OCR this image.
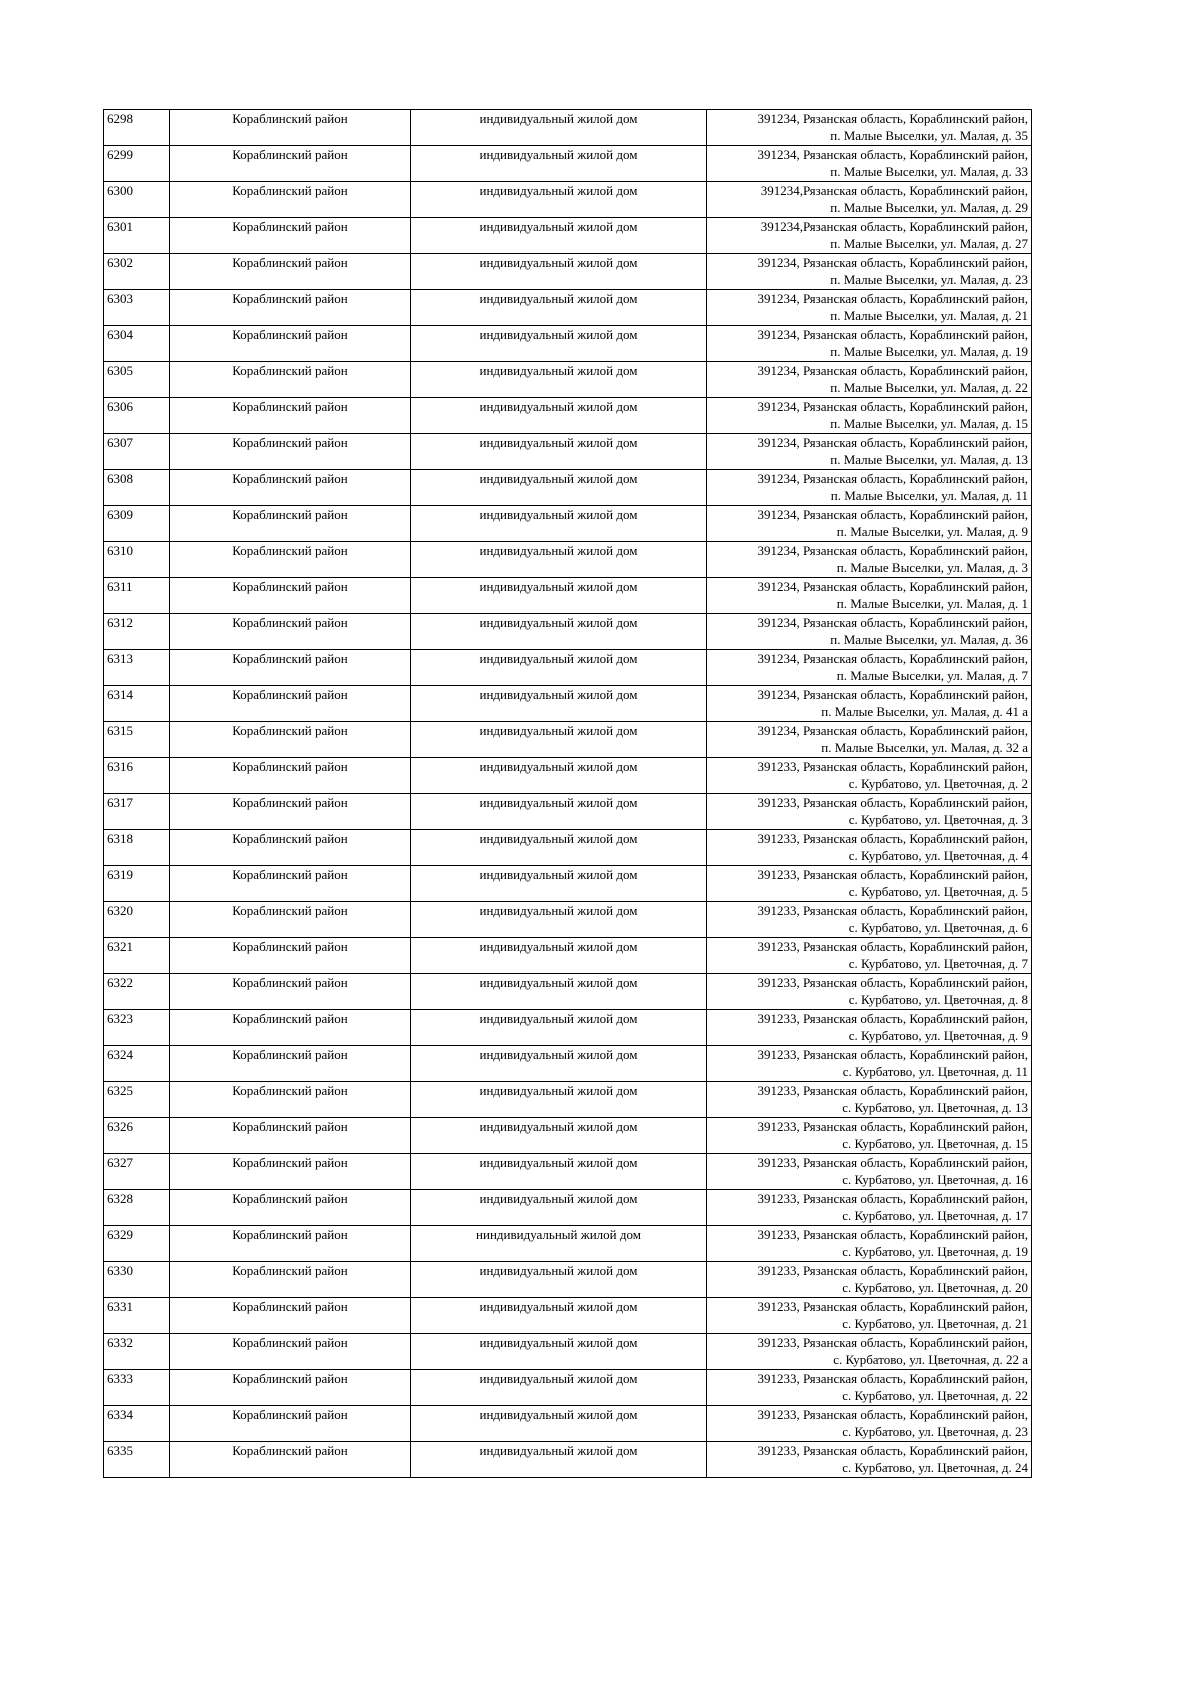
6298	Кораблинский район	индивидуальный жилой дом	391234, Рязанская область, Кораблинский район,
п. Малые Выселки, ул. Малая, д. 35

6299	Кораблинский район	индивидуальный жилой дом	391234, Рязанская область, Кораблинский район,
п. Малые Выселки, ул. Малая, д. 33

6300	Кораблинский район	индивидуальный жилой дом	391234,Рязанская область, Кораблинский район,
п. Малые Выселки, ул. Малая, д. 29

6301	Кораблинский район	индивидуальный жилой дом	391234,Рязанская область, Кораблинский район,
п. Малые Выселки, ул. Малая, д. 27

6302	Кораблинский район	индивидуальный жилой дом	391234, Рязанская область, Кораблинский район,
п. Малые Выселки, ул. Малая, д. 23

6303	Кораблинский район	индивидуальный жилой дом	391234, Рязанская область, Кораблинский район,
п. Малые Выселки, ул. Малая, д. 21

6304	Кораблинский район	индивидуальный жилой дом	391234, Рязанская область, Кораблинский район,
п. Малые Выселки, ул. Малая, д. 19

6305	Кораблинский район	индивидуальный жилой дом	391234, Рязанская область, Кораблинский район,
п. Малые Выселки, ул. Малая, д. 22

6306	Кораблинский район	индивидуальный жилой дом	391234, Рязанская область, Кораблинский район,
п. Малые Выселки, ул. Малая, д. 15

6307	Кораблинский район	индивидуальный жилой дом	391234, Рязанская область, Кораблинский район,
п. Малые Выселки, ул. Малая, д. 13

6308	Кораблинский район	индивидуальный жилой дом	391234, Рязанская область, Кораблинский район,
п. Малые Выселки, ул. Малая, д. 11

6309	Кораблинский район	индивидуальный жилой дом	391234, Рязанская область, Кораблинский район,
п. Малые Выселки, ул. Малая, д. 9

6310	Кораблинский район	индивидуальный жилой дом	391234, Рязанская область, Кораблинский район,
п. Малые Выселки, ул. Малая, д. 3

6311	Кораблинский район	индивидуальный жилой дом	391234, Рязанская область, Кораблинский район,
п. Малые Выселки, ул. Малая, д. 1

6312	Кораблинский район	индивидуальный жилой дом	391234, Рязанская область, Кораблинский район,
п. Малые Выселки, ул. Малая, д. 36

6313	Кораблинский район	индивидуальный жилой дом	391234, Рязанская область, Кораблинский район,
п. Малые Выселки, ул. Малая, д. 7

6314	Кораблинский район	индивидуальный жилой дом	391234, Рязанская область, Кораблинский район,
п. Малые Выселки, ул. Малая, д. 41 а

6315	Кораблинский район	индивидуальный жилой дом	391234, Рязанская область, Кораблинский район,
п. Малые Выселки, ул. Малая, д. 32 а

6316	Кораблинский район	индивидуальный жилой дом	391233, Рязанская область, Кораблинский район,
с. Курбатово, ул. Цветочная, д. 2

6317	Кораблинский район	индивидуальный жилой дом	391233, Рязанская область, Кораблинский район,
с. Курбатово, ул. Цветочная, д. 3

6318	Кораблинский район	индивидуальный жилой дом	391233, Рязанская область, Кораблинский район,
с. Курбатово, ул. Цветочная, д. 4

6319	Кораблинский район	индивидуальный жилой дом	391233, Рязанская область, Кораблинский район,
с. Курбатово, ул. Цветочная, д. 5

6320	Кораблинский район	индивидуальный жилой дом	391233, Рязанская область, Кораблинский район,
с. Курбатово, ул. Цветочная, д. 6

6321	Кораблинский район	индивидуальный жилой дом	391233, Рязанская область, Кораблинский район,
с. Курбатово, ул. Цветочная, д. 7

6322	Кораблинский район	индивидуальный жилой дом	391233, Рязанская область, Кораблинский район,
с. Курбатово, ул. Цветочная, д. 8

6323	Кораблинский район	индивидуальный жилой дом	391233, Рязанская область, Кораблинский район,
с. Курбатово, ул. Цветочная, д. 9

6324	Кораблинский район	индивидуальный жилой дом	391233, Рязанская область, Кораблинский район,
с. Курбатово, ул. Цветочная, д. 11

6325	Кораблинский район	индивидуальный жилой дом	391233, Рязанская область, Кораблинский район,
с. Курбатово, ул. Цветочная, д. 13

6326	Кораблинский район	индивидуальный жилой дом	391233, Рязанская область, Кораблинский район,
с. Курбатово, ул. Цветочная, д. 15

6327	Кораблинский район	индивидуальный жилой дом	391233, Рязанская область, Кораблинский район,
с. Курбатово, ул. Цветочная, д. 16

6328	Кораблинский район	индивидуальный жилой дом	391233, Рязанская область, Кораблинский район,
с. Курбатово, ул. Цветочная, д. 17

6329	Кораблинский район	ниндивидуальный жилой дом	391233, Рязанская область, Кораблинский район,
с. Курбатово, ул. Цветочная, д. 19

6330	Кораблинский район	индивидуальный жилой дом	391233, Рязанская область, Кораблинский район,
с. Курбатово, ул. Цветочная, д. 20

6331	Кораблинский район	индивидуальный жилой дом	391233, Рязанская область, Кораблинский район,
с. Курбатово, ул. Цветочная, д. 21

6332	Кораблинский район	индивидуальный жилой дом	391233, Рязанская область, Кораблинский район,
с. Курбатово, ул. Цветочная, д. 22 а

6333	Кораблинский район	индивидуальный жилой дом	391233, Рязанская область, Кораблинский район,
с. Курбатово, ул. Цветочная, д. 22

6334	Кораблинский район	индивидуальный жилой дом	391233, Рязанская область, Кораблинский район,
с. Курбатово, ул. Цветочная, д. 23

6335	Кораблинский район	индивидуальный жилой дом	391233, Рязанская область, Кораблинский район,
с. Курбатово, ул. Цветочная, д. 24
